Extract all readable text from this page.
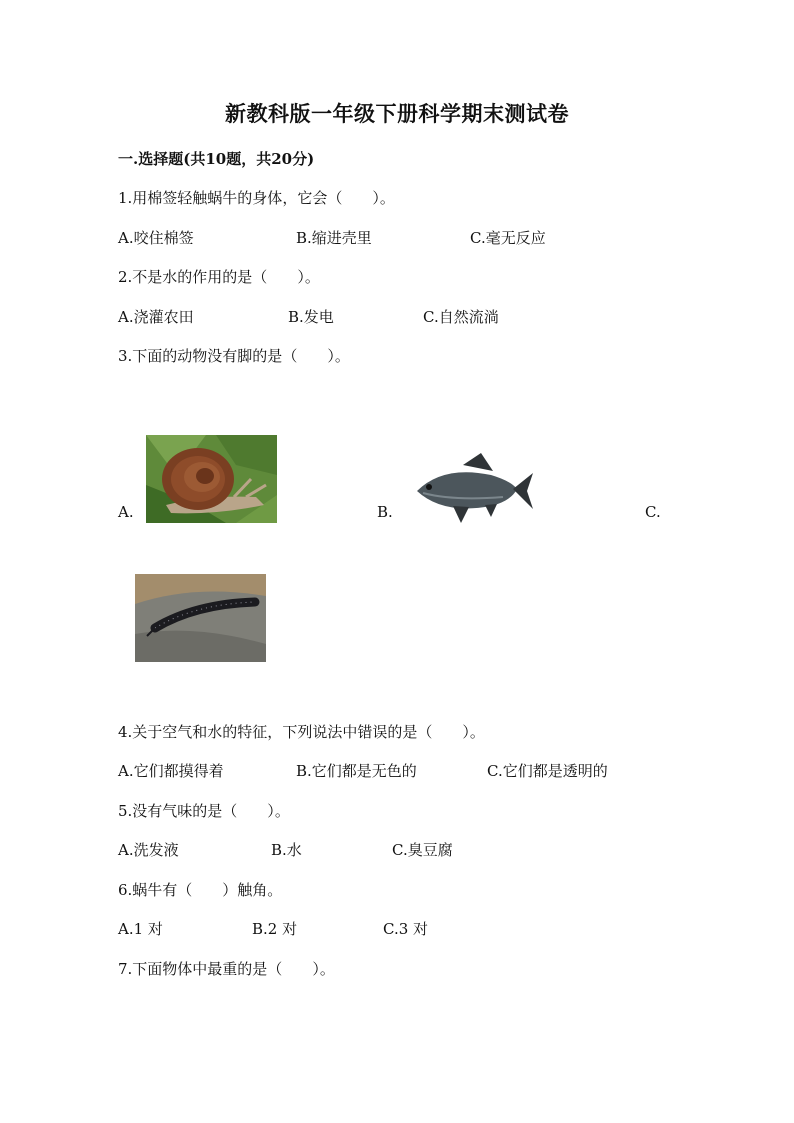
新教科版一年级下册科学期末测试卷
一.选择题(共10题，共20分)
1.用棉签轻触蜗牛的身体，它会（　　）。
A.咬住棉签	B.缩进壳里	C.毫无反应
2.不是水的作用的是（　　）。
A.浇灌农田	B.发电	C.自然流淌
3.下面的动物没有脚的是（　　）。
A.	B.	C.
4.关于空气和水的特征，下列说法中错误的是（　　）。
A.它们都摸得着	B.它们都是无色的	C.它们都是透明的
5.没有气味的是（　　）。
A.洗发液	B.水	C.臭豆腐
6.蜗牛有（　　）触角。
A.1 对	B.2 对	C.3 对
7.下面物体中最重的是（　　）。
